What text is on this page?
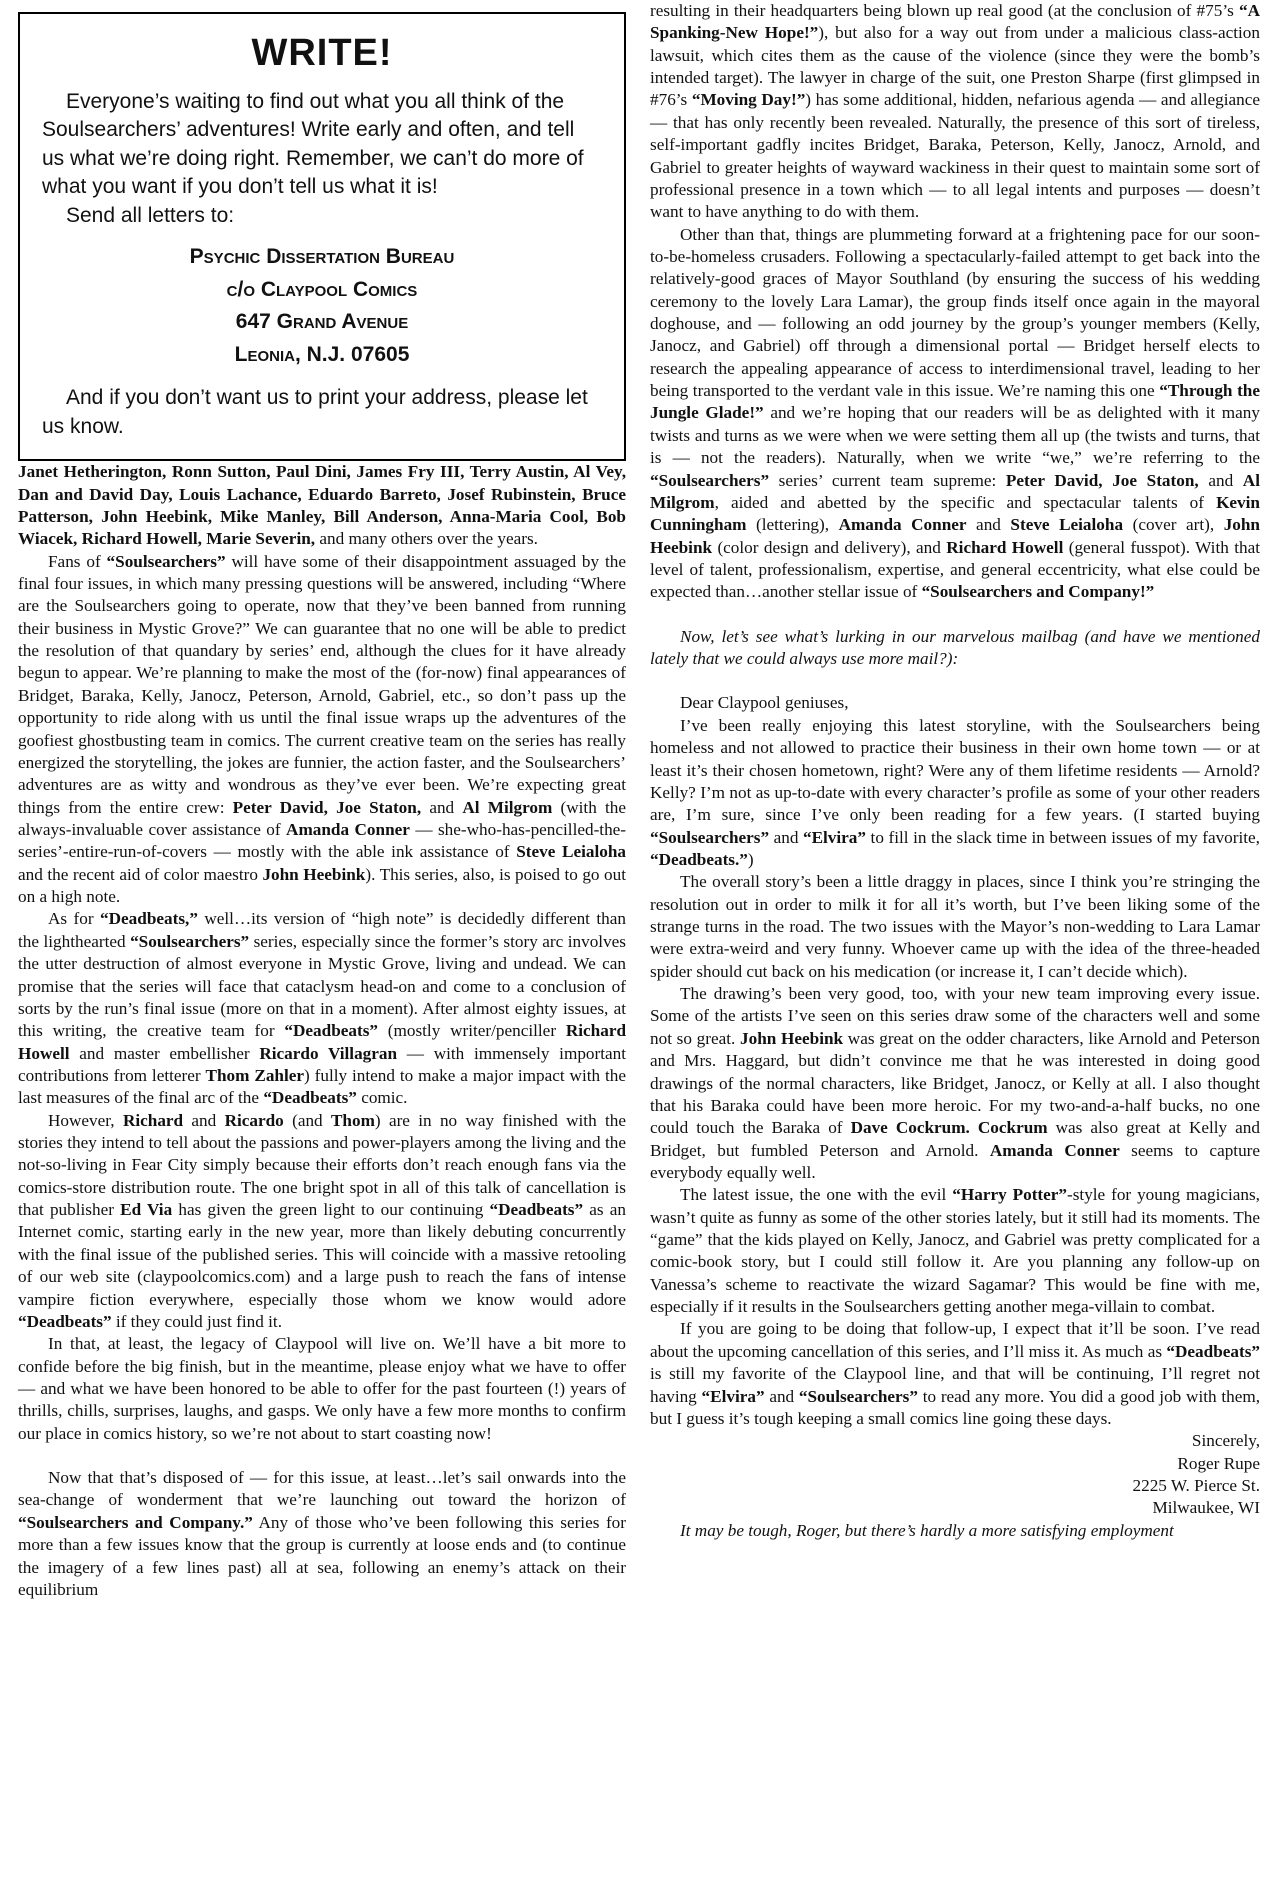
WRITE!

Everyone’s waiting to find out what you all think of the Soulsearchers’ adventures! Write early and often, and tell us what we’re doing right. Remember, we can’t do more of what you want if you don’t tell us what it is!

Send all letters to:

Psychic Dissertation Bureau
c/o Claypool Comics
647 Grand Avenue
Leonia, N.J. 07605

And if you don’t want us to print your address, please let us know.

Janet Hetherington, Ronn Sutton, Paul Dini, James Fry III, Terry Austin, Al Vey, Dan and David Day, Louis Lachance, Eduardo Barreto, Josef Rubinstein, Bruce Patterson, John Heebink, Mike Manley, Bill Anderson, Anna-Maria Cool, Bob Wiacek, Richard Howell, Marie Severin, and many others over the years.

Fans of “Soulsearchers” will have some of their disappointment assuaged by the final four issues, in which many pressing questions will be answered, including “Where are the Soulsearchers going to operate, now that they’ve been banned from running their business in Mystic Grove?” We can guarantee that no one will be able to predict the resolution of that quandary by series’ end, although the clues for it have already begun to appear. We’re planning to make the most of the (for-now) final appearances of Bridget, Baraka, Kelly, Janocz, Peterson, Arnold, Gabriel, etc., so don’t pass up the opportunity to ride along with us until the final issue wraps up the adventures of the goofiest ghostbusting team in comics. The current creative team on the series has really energized the storytelling, the jokes are funnier, the action faster, and the Soulsearchers’ adventures are as witty and wondrous as they’ve ever been. We’re expecting great things from the entire crew: Peter David, Joe Staton, and Al Milgrom (with the always-invaluable cover assistance of Amanda Conner — she-who-has-pencilled-the-series’-entire-run-of-covers — mostly with the able ink assistance of Steve Leialoha and the recent aid of color maestro John Heebink). This series, also, is poised to go out on a high note.

As for “Deadbeats,” well…its version of “high note” is decidedly different than the lighthearted “Soulsearchers” series, especially since the former’s story arc involves the utter destruction of almost everyone in Mystic Grove, living and undead. We can promise that the series will face that cataclysm head-on and come to a conclusion of sorts by the run’s final issue (more on that in a moment). After almost eighty issues, at this writing, the creative team for “Deadbeats” (mostly writer/penciller Richard Howell and master embellisher Ricardo Villagran — with immensely important contributions from letterer Thom Zahler) fully intend to make a major impact with the last measures of the final arc of the “Deadbeats” comic.

However, Richard and Ricardo (and Thom) are in no way finished with the stories they intend to tell about the passions and power-players among the living and the not-so-living in Fear City simply because their efforts don’t reach enough fans via the comics-store distribution route. The one bright spot in all of this talk of cancellation is that publisher Ed Via has given the green light to our continuing “Deadbeats” as an Internet comic, starting early in the new year, more than likely debuting concurrently with the final issue of the published series. This will coincide with a massive retooling of our web site (claypoolcomics.com) and a large push to reach the fans of intense vampire fiction everywhere, especially those whom we know would adore “Deadbeats” if they could just find it.

In that, at least, the legacy of Claypool will live on. We’ll have a bit more to confide before the big finish, but in the meantime, please enjoy what we have to offer — and what we have been honored to be able to offer for the past fourteen (!) years of thrills, chills, surprises, laughs, and gasps. We only have a few more months to confirm our place in comics history, so we’re not about to start coasting now!

Now that that’s disposed of — for this issue, at least…let’s sail onwards into the sea-change of wonderment that we’re launching out toward the horizon of “Soulsearchers and Company.” Any of those who’ve been following this series for more than a few issues know that the group is currently at loose ends and (to continue the imagery of a few lines past) all at sea, following an enemy’s attack on their equilibrium

resulting in their headquarters being blown up real good (at the conclusion of #75’s “A Spanking-New Hope!”), but also for a way out from under a malicious class-action lawsuit, which cites them as the cause of the violence (since they were the bomb’s intended target). The lawyer in charge of the suit, one Preston Sharpe (first glimpsed in #76’s “Moving Day!”) has some additional, hidden, nefarious agenda — and allegiance — that has only recently been revealed. Naturally, the presence of this sort of tireless, self-important gadfly incites Bridget, Baraka, Peterson, Kelly, Janocz, Arnold, and Gabriel to greater heights of wayward wackiness in their quest to maintain some sort of professional presence in a town which — to all legal intents and purposes — doesn’t want to have anything to do with them.

Other than that, things are plummeting forward at a frightening pace for our soon-to-be-homeless crusaders. Following a spectacularly-failed attempt to get back into the relatively-good graces of Mayor Southland (by ensuring the success of his wedding ceremony to the lovely Lara Lamar), the group finds itself once again in the mayoral doghouse, and — following an odd journey by the group’s younger members (Kelly, Janocz, and Gabriel) off through a dimensional portal — Bridget herself elects to research the appealing appearance of access to interdimensional travel, leading to her being transported to the verdant vale in this issue. We’re naming this one “Through the Jungle Glade!” and we’re hoping that our readers will be as delighted with it many twists and turns as we were when we were setting them all up (the twists and turns, that is — not the readers). Naturally, when we write “we,” we’re referring to the “Soulsearchers” series’ current team supreme: Peter David, Joe Staton, and Al Milgrom, aided and abetted by the specific and spectacular talents of Kevin Cunningham (lettering), Amanda Conner and Steve Leialoha (cover art), John Heebink (color design and delivery), and Richard Howell (general fusspot). With that level of talent, professionalism, expertise, and general eccentricity, what else could be expected than…another stellar issue of “Soulsearchers and Company!”

Now, let’s see what’s lurking in our marvelous mailbag (and have we mentioned lately that we could always use more mail?):

Dear Claypool geniuses,

I’ve been really enjoying this latest storyline, with the Soulsearchers being homeless and not allowed to practice their business in their own home town — or at least it’s their chosen hometown, right? Were any of them lifetime residents — Arnold? Kelly? I’m not as up-to-date with every character’s profile as some of your other readers are, I’m sure, since I’ve only been reading for a few years. (I started buying “Soulsearchers” and “Elvira” to fill in the slack time in between issues of my favorite, “Deadbeats.”)

The overall story’s been a little draggy in places, since I think you’re stringing the resolution out in order to milk it for all it’s worth, but I’ve been liking some of the strange turns in the road. The two issues with the Mayor’s non-wedding to Lara Lamar were extra-weird and very funny. Whoever came up with the idea of the three-headed spider should cut back on his medication (or increase it, I can’t decide which).

The drawing’s been very good, too, with your new team improving every issue. Some of the artists I’ve seen on this series draw some of the characters well and some not so great. John Heebink was great on the odder characters, like Arnold and Peterson and Mrs. Haggard, but didn’t convince me that he was interested in doing good drawings of the normal characters, like Bridget, Janocz, or Kelly at all. I also thought that his Baraka could have been more heroic. For my two-and-a-half bucks, no one could touch the Baraka of Dave Cockrum. Cockrum was also great at Kelly and Bridget, but fumbled Peterson and Arnold. Amanda Conner seems to capture everybody equally well.

The latest issue, the one with the evil “Harry Potter”-style for young magicians, wasn’t quite as funny as some of the other stories lately, but it still had its moments. The “game” that the kids played on Kelly, Janocz, and Gabriel was pretty complicated for a comic-book story, but I could still follow it. Are you planning any follow-up on Vanessa’s scheme to reactivate the wizard Sagamar? This would be fine with me, especially if it results in the Soulsearchers getting another mega-villain to combat.

If you are going to be doing that follow-up, I expect that it’ll be soon. I’ve read about the upcoming cancellation of this series, and I’ll miss it. As much as “Deadbeats” is still my favorite of the Claypool line, and that will be continuing, I’ll regret not having “Elvira” and “Soulsearchers” to read any more. You did a good job with them, but I guess it’s tough keeping a small comics line going these days.

Sincerely,
Roger Rupe
2225 W. Pierce St.
Milwaukee, WI

It may be tough, Roger, but there’s hardly a more satisfying employment
